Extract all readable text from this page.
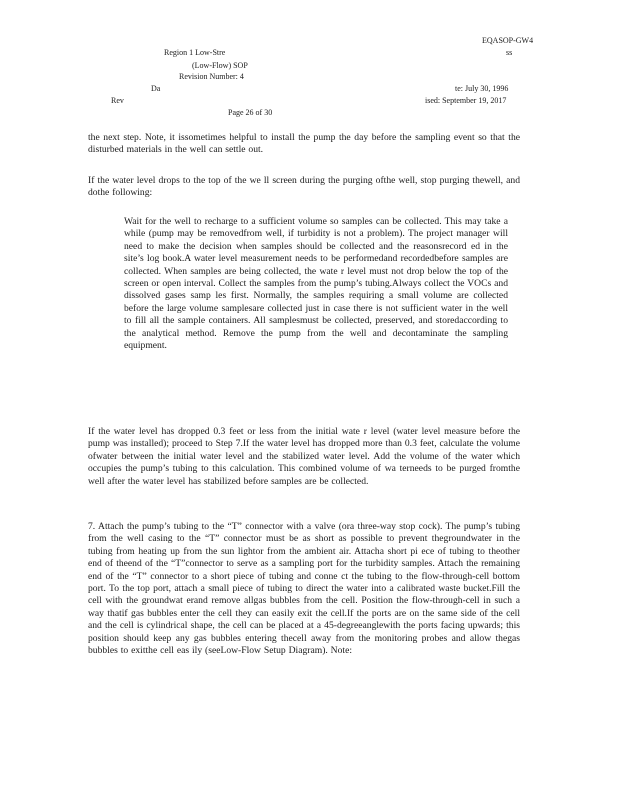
EQASOP-GW4
Region 1 Low-Stre	ss
(Low-Flow) SOP
Revision Number: 4
Da	te: July 30, 1996
Rev	ised: September 19, 2017
Page 26 of 30
the next step. Note, it issometimes helpful to install the pump the day before the sampling event so that the disturbed materials in the well can settle out.
If the water level drops to the top of the we ll screen during the purging ofthe well, stop purging thewell, and dothe following:
Wait for the well to recharge to a sufficient volume so samples can be collected. This may take a while (pump may be removedfrom well, if turbidity is not a problem). The project manager will need to make the decision when samples should be collected and the reasonsrecord ed in the site’s log book.A water level measurement needs to be performedand recordedbefore samples are collected. When samples are being collected, the wate r level must not drop below the top of the screen or open interval. Collect the samples from the pump’s tubing.Always collect the VOCs and dissolved gases samp les first. Normally, the samples requiring a small volume are collected before the large volume samplesare collected just in case there is not sufficient water in the well to fill all the sample containers. All samplesmust be collected, preserved, and storedaccording to the analytical method. Remove the pump from the well and decontaminate the sampling equipment.
If the water level has dropped 0.3 feet or less from the initial wate r level (water level measure before the pump was installed); proceed to Step 7.If the water level has dropped more than 0.3 feet, calculate the volume ofwater between the initial water level and the stabilized water level. Add the volume of the water which occupies the pump’s tubing to this calculation. This combined volume of wa terneeds to be purged fromthe well after the water level has stabilized before samples are be collected.
7. Attach the pump’s tubing to the “T” connector with a valve (ora three-way stop cock). The pump’s tubing from the well casing to the “T” connector must be as short as possible to prevent thegroundwater in the tubing from heating up from the sun lightor from the ambient air. Attacha short pi ece of tubing to theother end of theend of the “T”connector to serve as a sampling port for the turbidity samples. Attach the remaining end of the “T” connector to a short piece of tubing and conne ct the tubing to the flow-through-cell bottom port. To the top port, attach a small piece of tubing to direct the water into a calibrated waste bucket.Fill the cell with the groundwat erand remove allgas bubbles from the cell. Position the flow-through-cell in such a way thatif gas bubbles enter the cell they can easily exit the cell.If the ports are on the same side of the cell and the cell is cylindrical shape, the cell can be placed at a 45-degreeanglewith the ports facing upwards; this position should keep any gas bubbles entering thecell away from the monitoring probes and allow thegas bubbles to exitthe cell eas ily (seeLow-Flow Setup Diagram). Note:
